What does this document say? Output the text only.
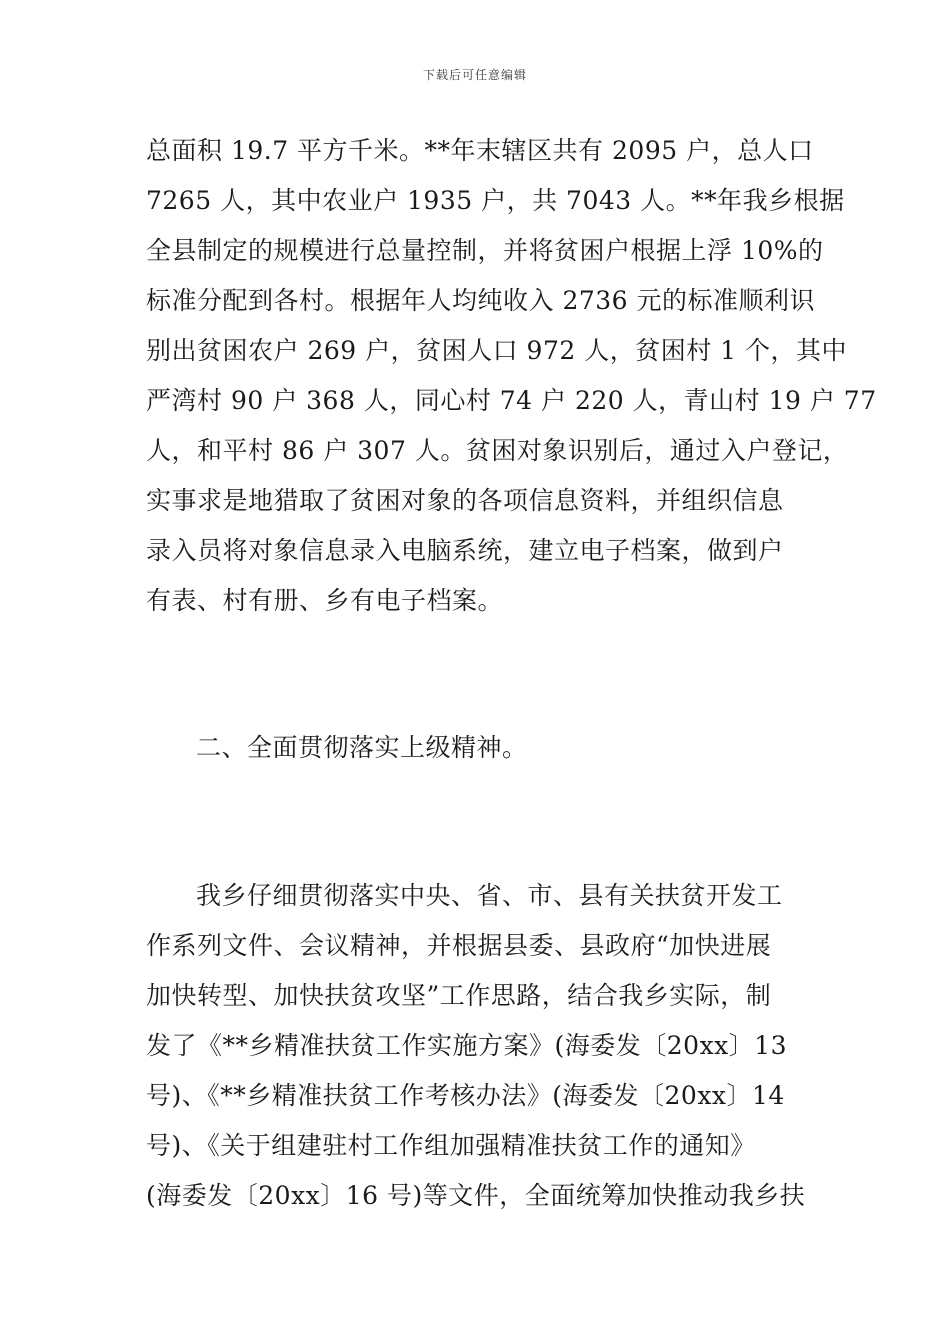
下载后可任意编辑
总面积 19.7 平方千米。**年末辖区共有 2095 户，总人口
7265 人，其中农业户 1935 户，共 7043 人。**年我乡根据
全县制定的规模进行总量控制，并将贫困户根据上浮 10%的
标准分配到各村。根据年人均纯收入 2736 元的标准顺利识
别出贫困农户 269 户，贫困人口 972 人，贫困村 1 个，其中
严湾村 90 户 368 人，同心村 74 户 220 人，青山村 19 户 77
人，和平村 86 户 307 人。贫困对象识别后，通过入户登记，
实事求是地猎取了贫困对象的各项信息资料，并组织信息
录入员将对象信息录入电脑系统，建立电子档案，做到户
有表、村有册、乡有电子档案。
二、全面贯彻落实上级精神。
我乡仔细贯彻落实中央、省、市、县有关扶贫开发工
作系列文件、会议精神，并根据县委、县政府“加快进展
加快转型、加快扶贫攻坚”工作思路，结合我乡实际，制
发了《**乡精准扶贫工作实施方案》(海委发〔20xx〕13
号)、《**乡精准扶贫工作考核办法》(海委发〔20xx〕14
号)、《关于组建驻村工作组加强精准扶贫工作的通知》
(海委发〔20xx〕16 号)等文件，全面统筹加快推动我乡扶
